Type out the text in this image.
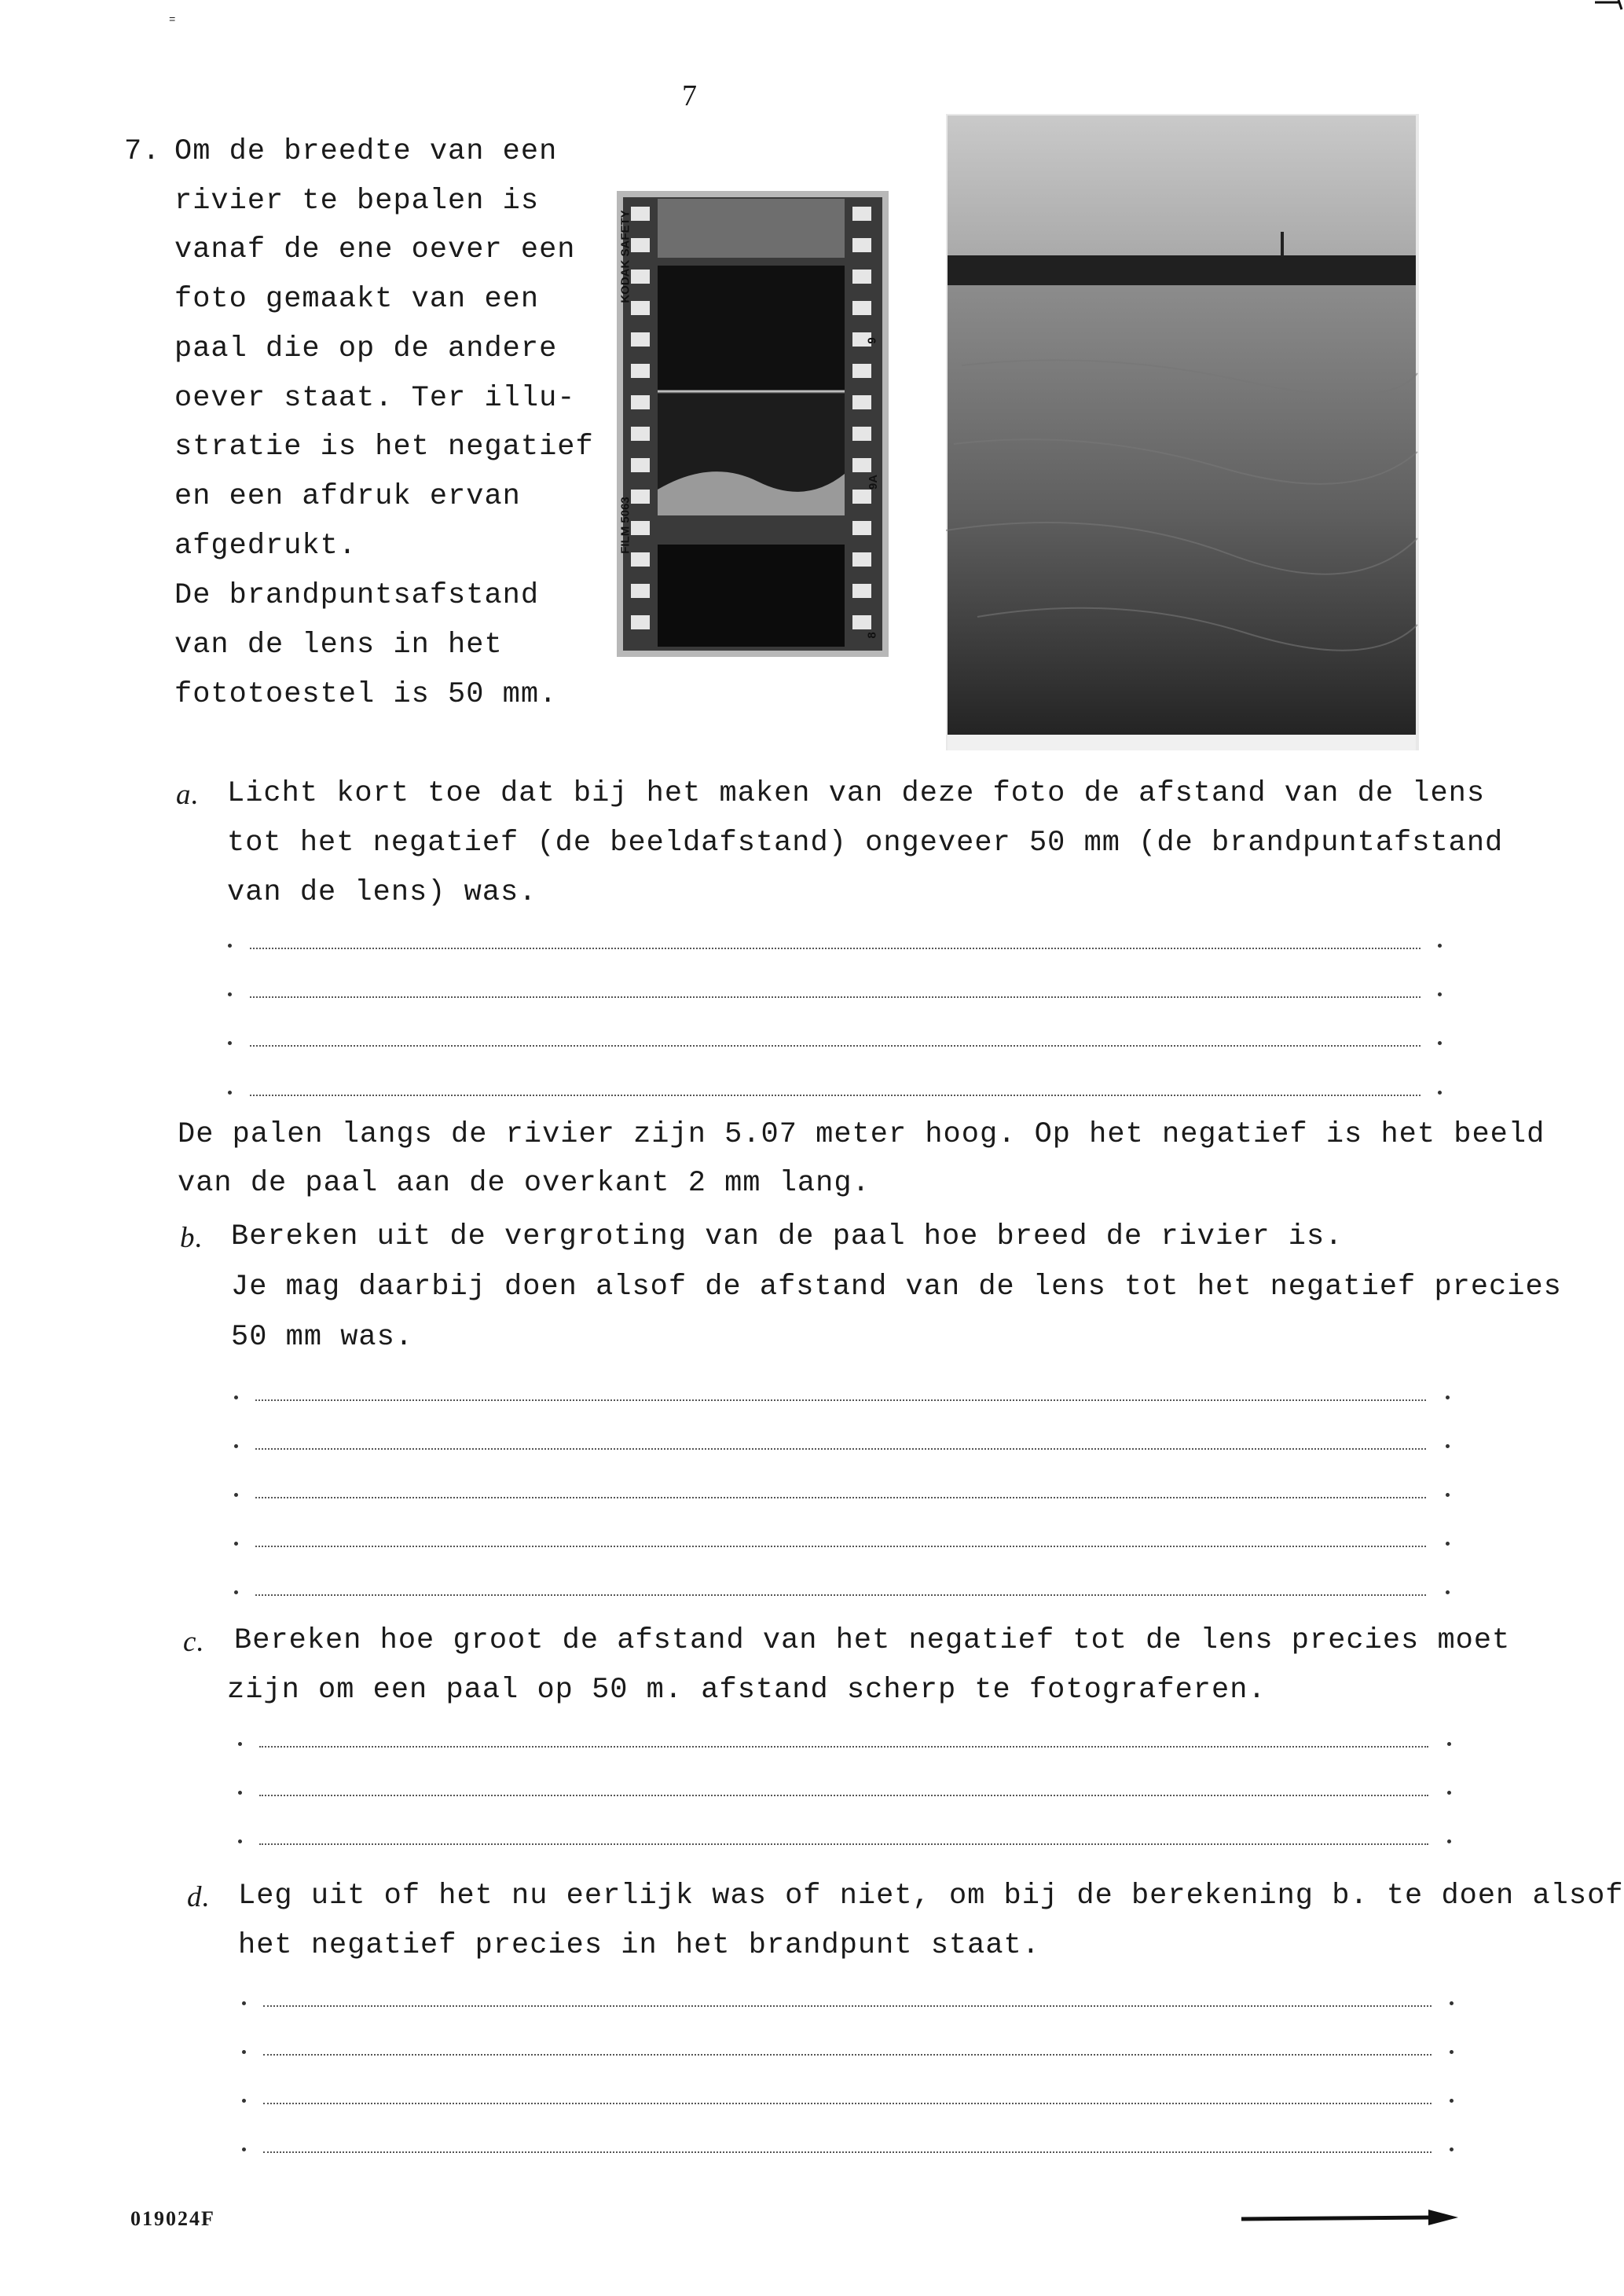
=
7
7. Om de breedte van een
rivier te bepalen is
vanaf de ene oever een
foto gemaakt van een
paal die op de andere
oever staat. Ter illu-
stratie is het negatief
en een afdruk ervan
afgedrukt.
De brandpuntsafstand
van de lens in het
fototoestel is 50 mm.
KODAK SAFETY
FILM 5063
9
9A
8
a. Licht kort toe dat bij het maken van deze foto de afstand van de lens
tot het negatief (de beeldafstand) ongeveer 50 mm (de brandpuntafstand
van de lens) was.
De palen langs de rivier zijn 5.07 meter hoog. Op het negatief is het beeld
van de paal aan de overkant 2 mm lang.
b. Bereken uit de vergroting van de paal hoe breed de rivier is.
Je mag daarbij doen alsof de afstand van de lens tot het negatief precies
50 mm was.
c. Bereken hoe groot de afstand van het negatief tot de lens precies moet
zijn om een paal op 50 m. afstand scherp te fotograferen.
d. Leg uit of het nu eerlijk was of niet, om bij de berekening b. te doen alsof
het negatief precies in het brandpunt staat.
019024F
